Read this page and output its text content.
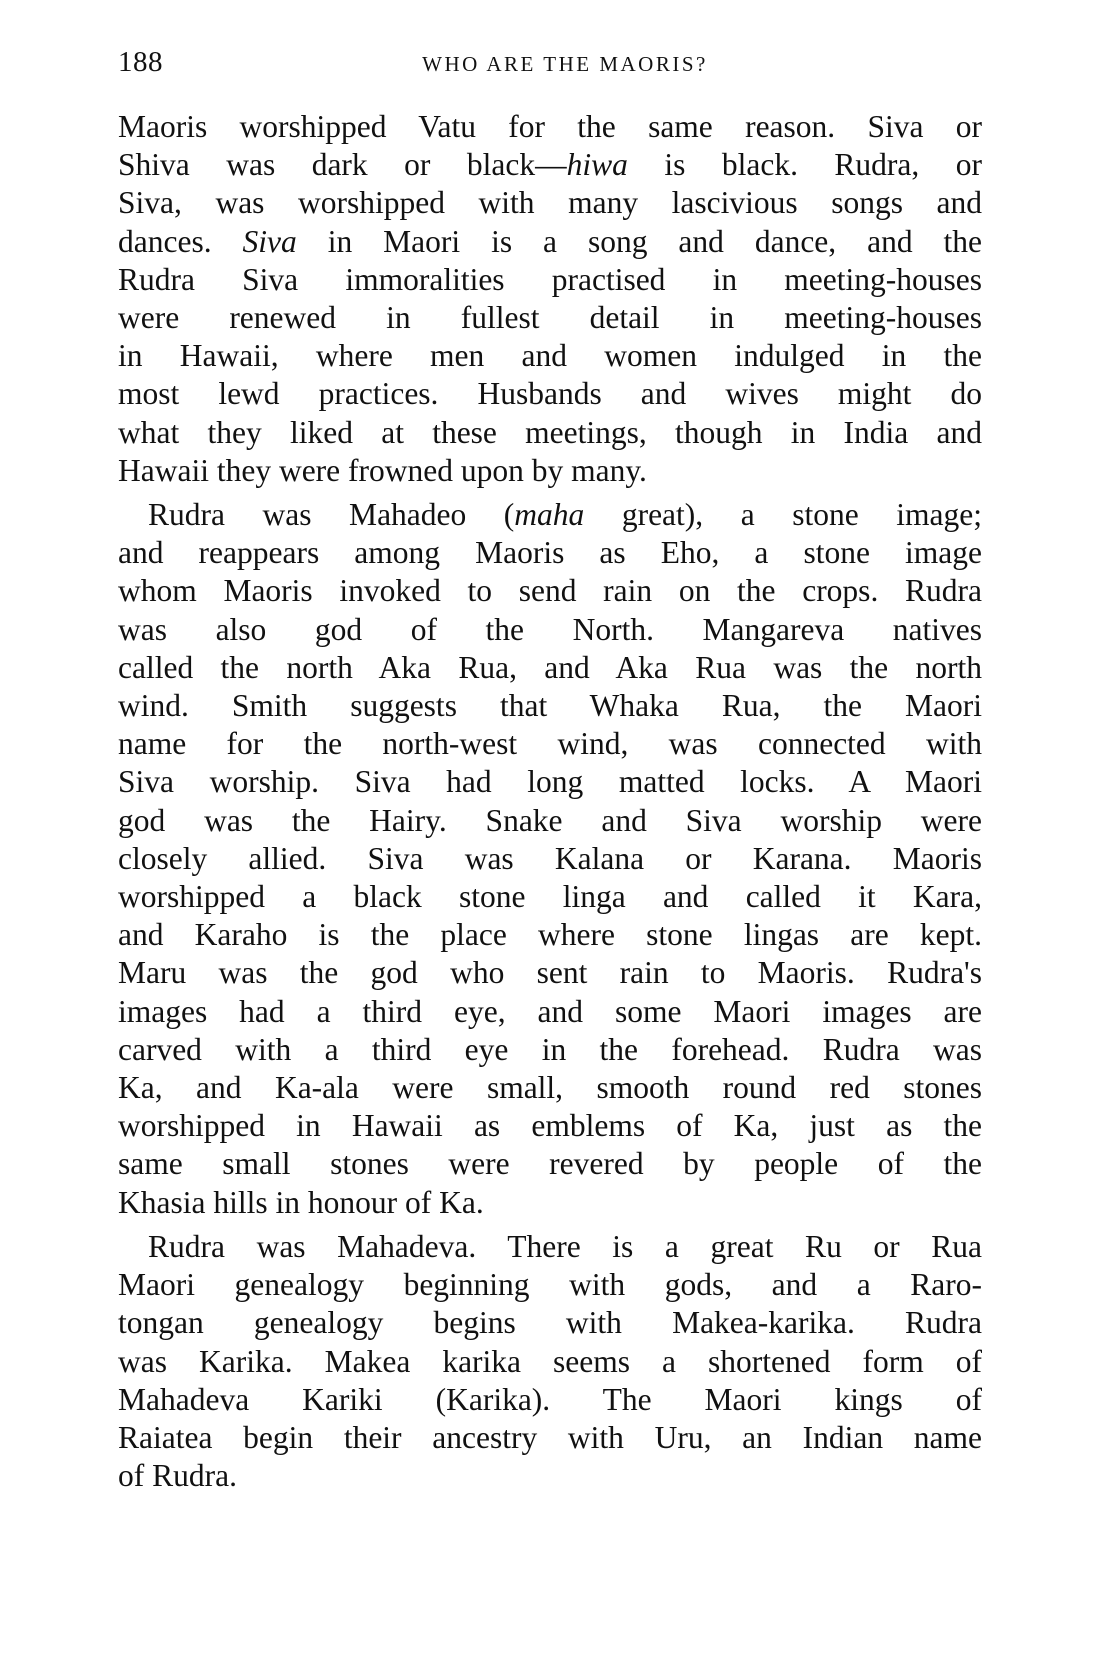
188	WHO ARE THE MAORIS?

Maoris worshipped Vatu for the same reason. Siva or
Shiva was dark or black—hiwa is black. Rudra, or
Siva, was worshipped with many lascivious songs and
dances. Siva in Maori is a song and dance, and the
Rudra Siva immoralities practised in meeting-houses
were renewed in fullest detail in meeting-houses
in Hawaii, where men and women indulged in the
most lewd practices. Husbands and wives might do
what they liked at these meetings, though in India and
Hawaii they were frowned upon by many.

Rudra was Mahadeo (maha great), a stone image;
and reappears among Maoris as Eho, a stone image
whom Maoris invoked to send rain on the crops. Rudra
was also god of the North. Mangareva natives
called the north Aka Rua, and Aka Rua was the north
wind. Smith suggests that Whaka Rua, the Maori
name for the north-west wind, was connected with
Siva worship. Siva had long matted locks. A Maori
god was the Hairy. Snake and Siva worship were
closely allied. Siva was Kalana or Karana. Maoris
worshipped a black stone linga and called it Kara,
and Karaho is the place where stone lingas are kept.
Maru was the god who sent rain to Maoris. Rudra's
images had a third eye, and some Maori images are
carved with a third eye in the forehead. Rudra was
Ka, and Ka-ala were small, smooth round red stones
worshipped in Hawaii as emblems of Ka, just as the
same small stones were revered by people of the
Khasia hills in honour of Ka.

Rudra was Mahadeva. There is a great Ru or Rua
Maori genealogy beginning with gods, and a Raro-
tongan genealogy begins with Makea-karika. Rudra
was Karika. Makea karika seems a shortened form of
Mahadeva Kariki (Karika). The Maori kings of
Raiatea begin their ancestry with Uru, an Indian name
of Rudra.
